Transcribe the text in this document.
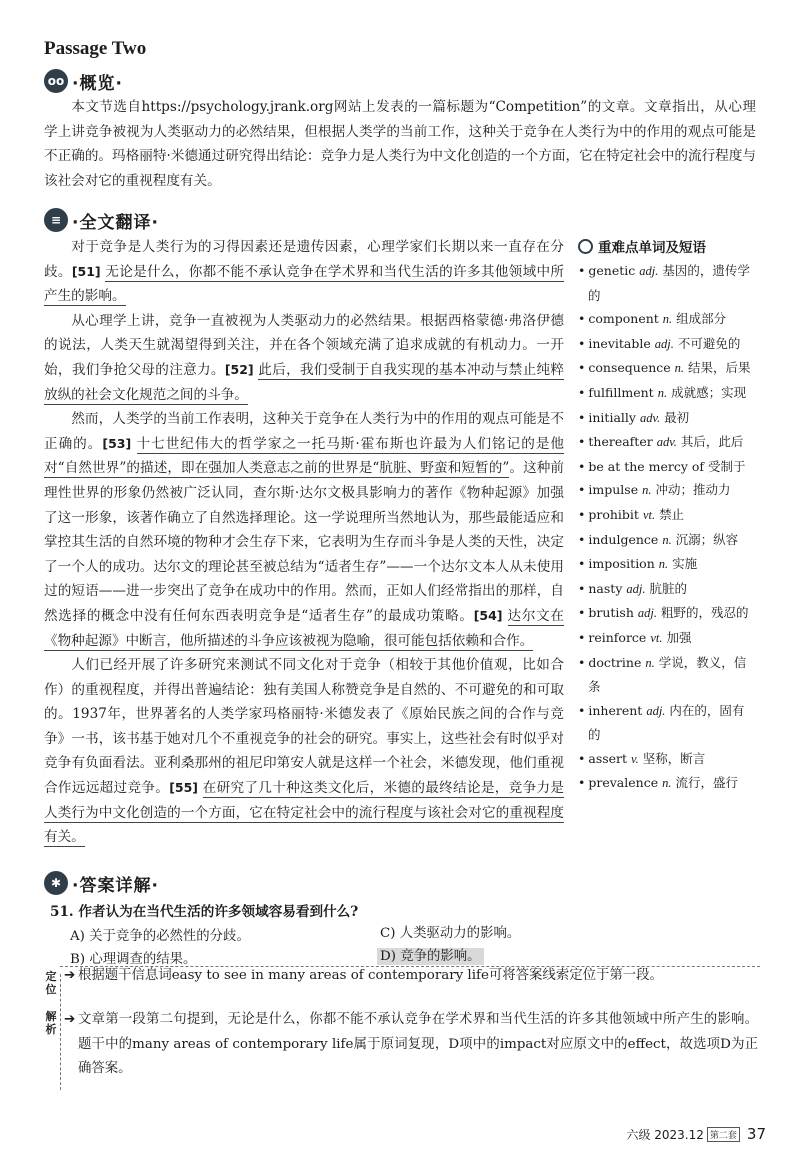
Passage Two
oo ·概览·

本文节选自https://psychology.jrank.org网站上发表的一篇标题为“Competition”的文章。文章指出，从心理学上讲竞争被视为人类驱动力的必然结果，但根据人类学的当前工作，这种关于竞争在人类行为中的作用的观点可能是不正确的。玛格丽特·米德通过研究得出结论：竞争力是人类行为中文化创造的一个方面，它在特定社会中的流行程度与该社会对它的重视程度有关。

≡ ·全文翻译·

对于竞争是人类行为的习得因素还是遗传因素，心理学家们长期以来一直存在分歧。[51] 无论是什么，你都不能不承认竞争在学术界和当代生活的许多其他领域中所产生的影响。

从心理学上讲，竞争一直被视为人类驱动力的必然结果。根据西格蒙德·弗洛伊德的说法，人类天生就渴望得到关注，并在各个领域充满了追求成就的有机动力。一开始，我们争抢父母的注意力。[52] 此后，我们受制于自我实现的基本冲动与禁止纯粹放纵的社会文化规范之间的斗争。

然而，人类学的当前工作表明，这种关于竞争在人类行为中的作用的观点可能是不正确的。[53] 十七世纪伟大的哲学家之一托马斯·霍布斯也许最为人们铭记的是他对“自然世界”的描述，即在强加人类意志之前的世界是“肮脏、野蛮和短暂的”。这种前理性世界的形象仍然被广泛认同，查尔斯·达尔文极具影响力的著作《物种起源》加强了这一形象，该著作确立了自然选择理论。这一学说理所当然地认为，那些最能适应和掌控其生活的自然环境的物种才会生存下来，它表明为生存而斗争是人类的天性，决定了一个人的成功。达尔文的理论甚至被总结为“适者生存”——一个达尔文本人从未使用过的短语——进一步突出了竞争在成功中的作用。然而，正如人们经常指出的那样，自然选择的概念中没有任何东西表明竞争是“适者生存”的最成功策略。[54] 达尔文在《物种起源》中断言，他所描述的斗争应该被视为隐喻，很可能包括依赖和合作。

人们已经开展了许多研究来测试不同文化对于竞争（相较于其他价值观，比如合作）的重视程度，并得出普遍结论：独有美国人称赞竞争是自然的、不可避免的和可取的。1937年，世界著名的人类学家玛格丽特·米德发表了《原始民族之间的合作与竞争》一书，该书基于她对几个不重视竞争的社会的研究。事实上，这些社会有时似乎对竞争有负面看法。亚利桑那州的祖尼印第安人就是这样一个社会，米德发现，他们重视合作远远超过竞争。[55] 在研究了几十种这类文化后，米德的最终结论是，竞争力是人类行为中文化创造的一个方面，它在特定社会中的流行程度与该社会对它的重视程度有关。

重难点单词及短语
• genetic adj. 基因的，遗传学的
• component n. 组成部分
• inevitable adj. 不可避免的
• consequence n. 结果，后果
• fulfillment n. 成就感；实现
• initially adv. 最初
• thereafter adv. 其后，此后
• be at the mercy of 受制于
• impulse n. 冲动；推动力
• prohibit vt. 禁止
• indulgence n. 沉溺；纵容
• imposition n. 实施
• nasty adj. 肮脏的
• brutish adj. 粗野的，残忍的
• reinforce vt. 加强
• doctrine n. 学说，教义，信条
• inherent adj. 内在的，固有的
• assert v. 坚称，断言
• prevalence n. 流行，盛行
✱ ·答案详解·
51. 作者认为在当代生活的许多领域容易看到什么?
A) 关于竞争的必然性的分歧。	C) 人类驱动力的影响。
B) 心理调查的结果。	D) 竞争的影响。
定位
➔ 根据题干信息词easy to see in many areas of contemporary life可将答案线索定位于第一段。

解析
➔ 文章第一段第二句提到，无论是什么，你都不能不承认竞争在学术界和当代生活的许多其他领域中所产生的影响。题干中的many areas of contemporary life属于原词复现，D项中的impact对应原文中的effect，故选项D为正确答案。

六级 2023.12 第二套 37
